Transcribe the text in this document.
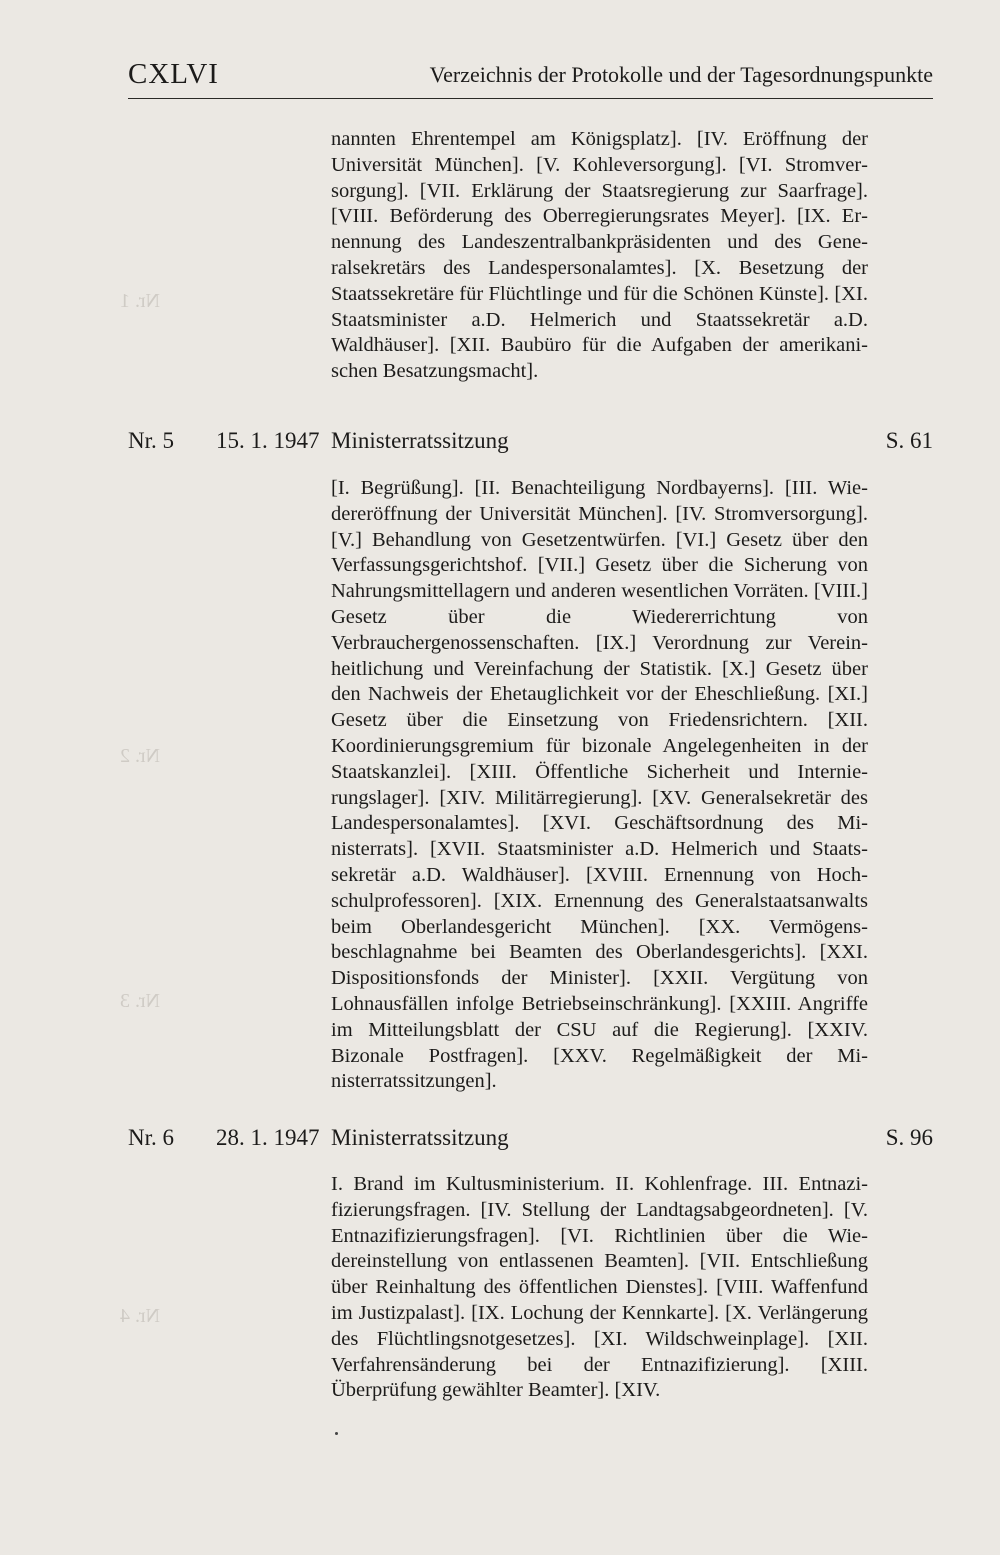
Nr. 1
Nr. 2
Nr. 3
Nr. 4
CXLVI	Verzeichnis der Protokolle und der Tagesordnungspunkte
nannten Ehrentempel am Königsplatz]. [IV. Eröffnung der Universität München]. [V. Kohleversorgung]. [VI. Stromversorgung]. [VII. Erklärung der Staatsregierung zur Saarfrage]. [VIII. Beförderung des Oberregierungsrates Meyer]. [IX. Ernennung des Landeszentralbankpräsidenten und des Generalsekretärs des Landespersonalamtes]. [X. Besetzung der Staatssekretäre für Flüchtlinge und für die Schönen Künste]. [XI. Staatsminister a.D. Helmerich und Staatssekretär a.D. Waldhäuser]. [XII. Baubüro für die Aufgaben der amerikanischen Besatzungsmacht].
Nr. 5 15. 1. 1947 Ministerratssitzung	S. 61
[I. Begrüßung]. [II. Benachteiligung Nordbayerns]. [III. Wiedereröffnung der Universität München]. [IV. Stromversorgung]. [V.] Behandlung von Gesetzentwürfen. [VI.] Gesetz über den Verfassungsgerichtshof. [VII.] Gesetz über die Sicherung von Nahrungsmittellagern und anderen wesentlichen Vorräten. [VIII.] Gesetz über die Wiedererrichtung von Verbrauchergenossenschaften. [IX.] Verordnung zur Vereinheitlichung und Vereinfachung der Statistik. [X.] Gesetz über den Nachweis der Ehetauglichkeit vor der Eheschließung. [XI.] Gesetz über die Einsetzung von Friedensrichtern. [XII. Koordinierungsgremium für bizonale Angelegenheiten in der Staatskanzlei]. [XIII. Öffentliche Sicherheit und Internierungslager]. [XIV. Militärregierung]. [XV. Generalsekretär des Landespersonalamtes]. [XVI. Geschäftsordnung des Ministerrats]. [XVII. Staatsminister a.D. Helmerich und Staatssekretär a.D. Waldhäuser]. [XVIII. Ernennung von Hochschulprofessoren]. [XIX. Ernennung des Generalstaatsanwalts beim Oberlandesgericht München]. [XX. Vermögensbeschlagnahme bei Beamten des Oberlandesgerichts]. [XXI. Dispositionsfonds der Minister]. [XXII. Vergütung von Lohnausfällen infolge Betriebseinschränkung]. [XXIII. Angriffe im Mitteilungsblatt der CSU auf die Regierung]. [XXIV. Bizonale Postfragen]. [XXV. Regelmäßigkeit der Ministerratssitzungen].
Nr. 6 28. 1. 1947 Ministerratssitzung	S. 96
I. Brand im Kultusministerium. II. Kohlenfrage. III. Entnazifizierungsfragen. [IV. Stellung der Landtagsabgeordneten]. [V. Entnazifizierungsfragen]. [VI. Richtlinien über die Wiedereinstellung von entlassenen Beamten]. [VII. Entschließung über Reinhaltung des öffentlichen Dienstes]. [VIII. Waffenfund im Justizpalast]. [IX. Lochung der Kennkarte]. [X. Verlängerung des Flüchtlingsnotgesetzes]. [XI. Wildschweinplage]. [XII. Verfahrensänderung bei der Entnazifizierung]. [XIII. Überprüfung gewählter Beamter]. [XIV.
